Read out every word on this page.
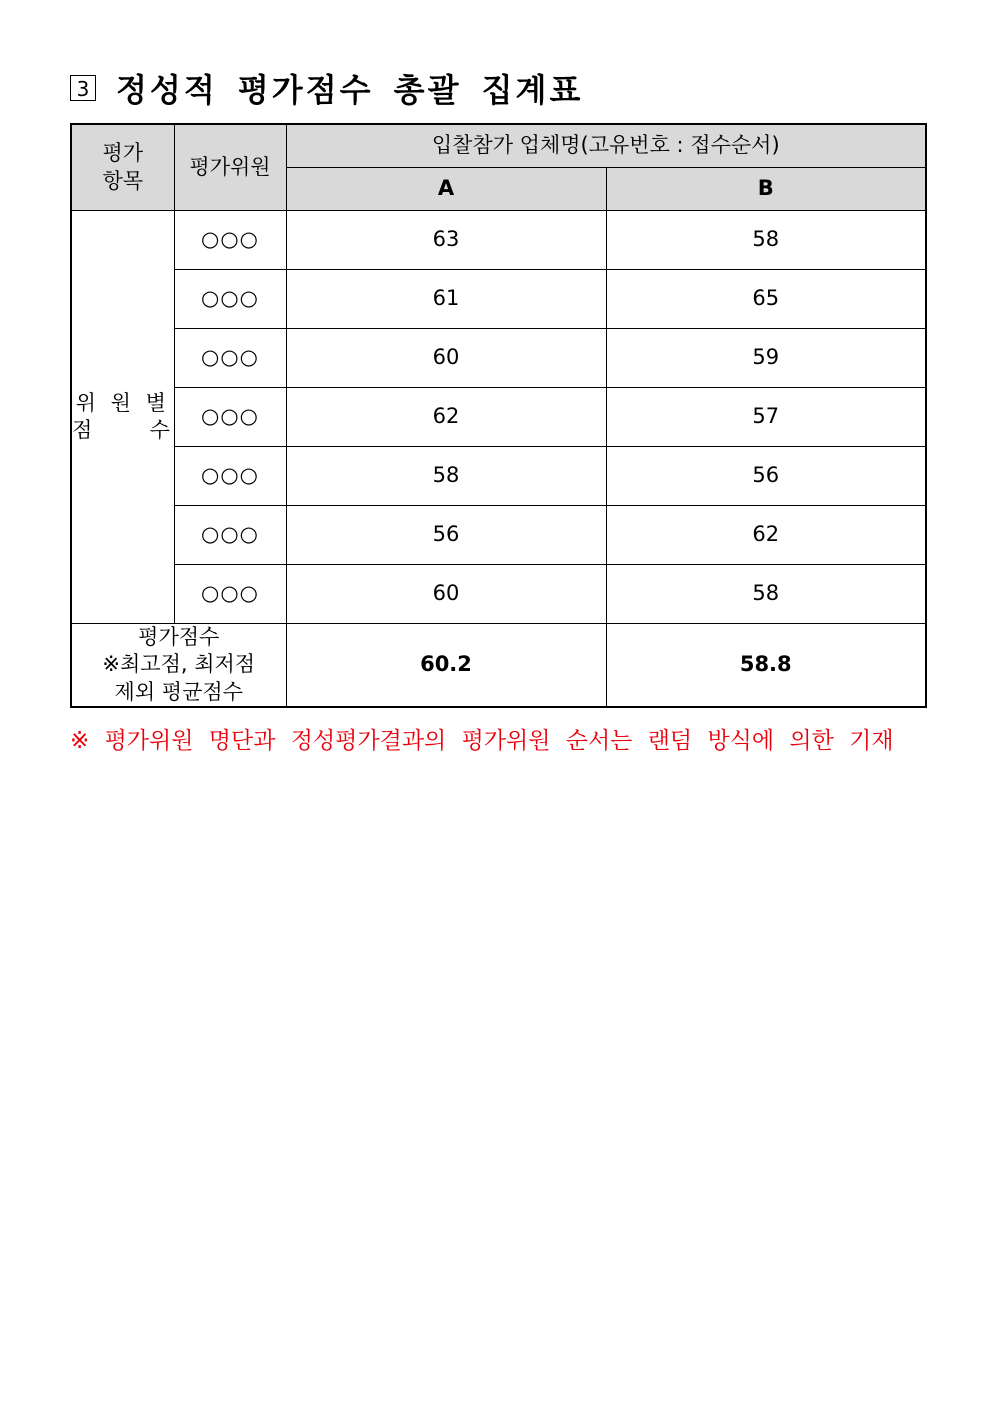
3 정성적 평가점수 총괄 집계표
평가
항목	평가위원	입찰참가 업체명(고유번호 : 접수순서)	
		A	B

위 원 별
점     수	○○○	63	58
	○○○	61	65
	○○○	60	59
	○○○	62	57
	○○○	58	56
	○○○	56	62
	○○○	60	58

평가점수
※최고점, 최저점
제외 평균점수		60.2	58.8
※ 평가위원 명단과 정성평가결과의 평가위원 순서는 랜덤 방식에 의한 기재
